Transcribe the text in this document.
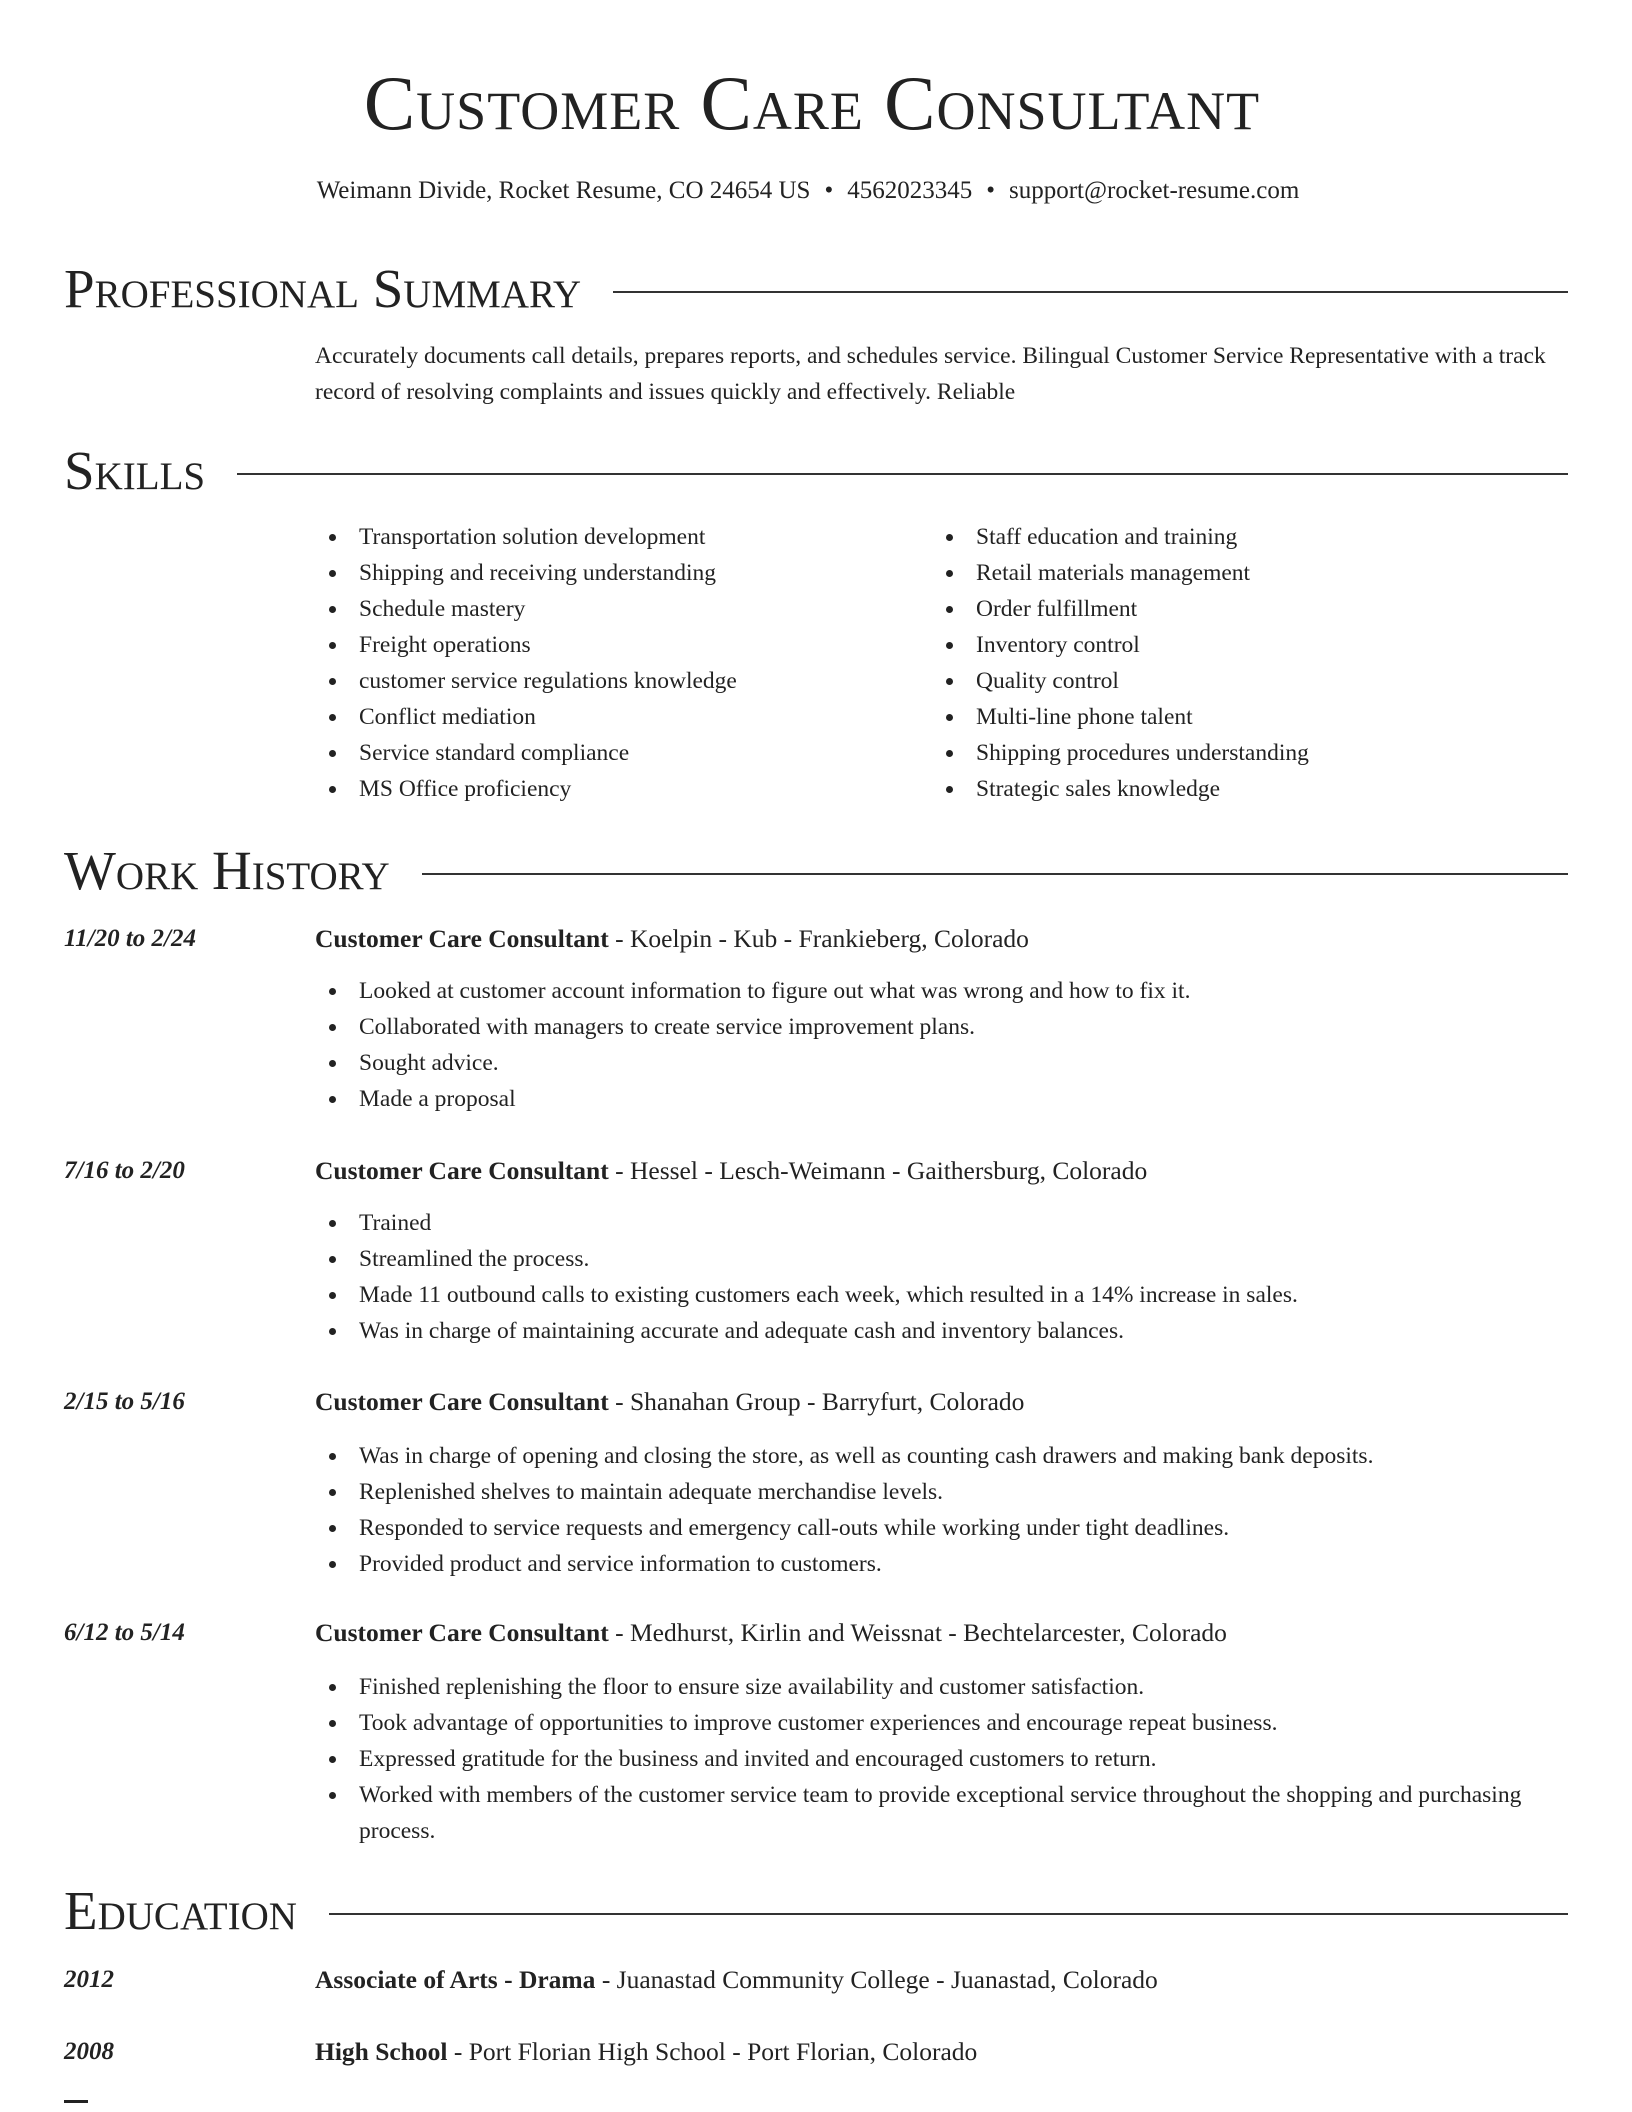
Customer Care Consultant
Weimann Divide, Rocket Resume, CO 24654 US • 4562023345 • support@rocket-resume.com
Professional Summary
Accurately documents call details, prepares reports, and schedules service. Bilingual Customer Service Representative with a track record of resolving complaints and issues quickly and effectively. Reliable
Skills
Transportation solution development
Shipping and receiving understanding
Schedule mastery
Freight operations
customer service regulations knowledge
Conflict mediation
Service standard compliance
MS Office proficiency
Staff education and training
Retail materials management
Order fulfillment
Inventory control
Quality control
Multi-line phone talent
Shipping procedures understanding
Strategic sales knowledge
Work History
11/20 to 2/24	Customer Care Consultant - Koelpin - Kub - Frankieberg, Colorado
Looked at customer account information to figure out what was wrong and how to fix it.
Collaborated with managers to create service improvement plans.
Sought advice.
Made a proposal
7/16 to 2/20	Customer Care Consultant - Hessel - Lesch-Weimann - Gaithersburg, Colorado
Trained
Streamlined the process.
Made 11 outbound calls to existing customers each week, which resulted in a 14% increase in sales.
Was in charge of maintaining accurate and adequate cash and inventory balances.
2/15 to 5/16	Customer Care Consultant - Shanahan Group - Barryfurt, Colorado
Was in charge of opening and closing the store, as well as counting cash drawers and making bank deposits.
Replenished shelves to maintain adequate merchandise levels.
Responded to service requests and emergency call-outs while working under tight deadlines.
Provided product and service information to customers.
6/12 to 5/14	Customer Care Consultant - Medhurst, Kirlin and Weissnat - Bechtelarcester, Colorado
Finished replenishing the floor to ensure size availability and customer satisfaction.
Took advantage of opportunities to improve customer experiences and encourage repeat business.
Expressed gratitude for the business and invited and encouraged customers to return.
Worked with members of the customer service team to provide exceptional service throughout the shopping and purchasing process.
Education
2012	Associate of Arts - Drama - Juanastad Community College - Juanastad, Colorado
2008	High School - Port Florian High School - Port Florian, Colorado
